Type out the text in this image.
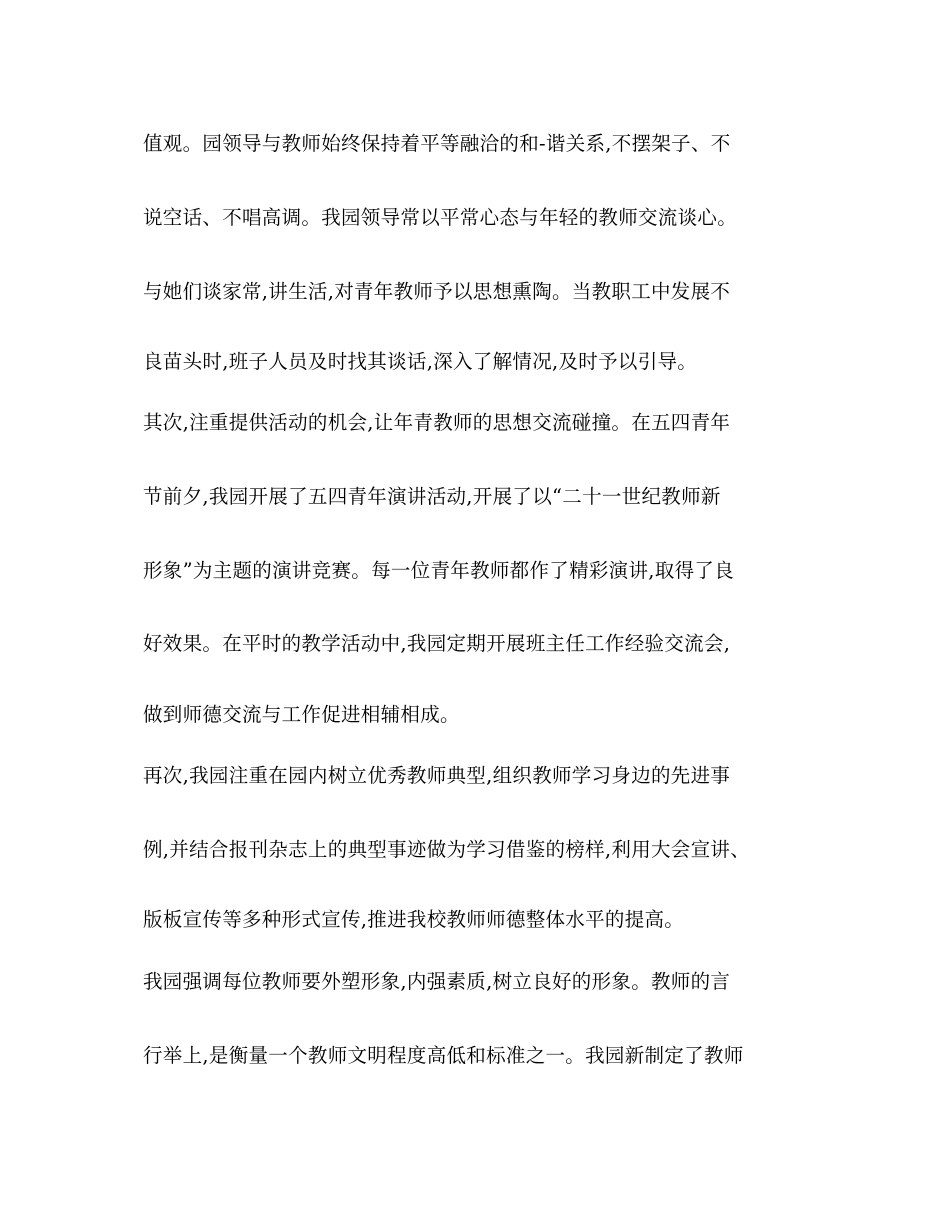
值观。园领导与教师始终保持着平等融洽的和-谐关系,不摆架子、不
说空话、不唱高调。我园领导常以平常心态与年轻的教师交流谈心。
与她们谈家常,讲生活,对青年教师予以思想熏陶。当教职工中发展不
良苗头时,班子人员及时找其谈话,深入了解情况,及时予以引导。
其次,注重提供活动的机会,让年青教师的思想交流碰撞。在五四青年
节前夕,我园开展了五四青年演讲活动,开展了以“二十一世纪教师新
形象”为主题的演讲竞赛。每一位青年教师都作了精彩演讲,取得了良
好效果。在平时的教学活动中,我园定期开展班主任工作经验交流会,
做到师德交流与工作促进相辅相成。
再次,我园注重在园内树立优秀教师典型,组织教师学习身边的先进事
例,并结合报刊杂志上的典型事迹做为学习借鉴的榜样,利用大会宣讲、
版板宣传等多种形式宣传,推进我校教师师德整体水平的提高。
我园强调每位教师要外塑形象,内强素质,树立良好的形象。教师的言
行举上,是衡量一个教师文明程度高低和标准之一。我园新制定了教师
